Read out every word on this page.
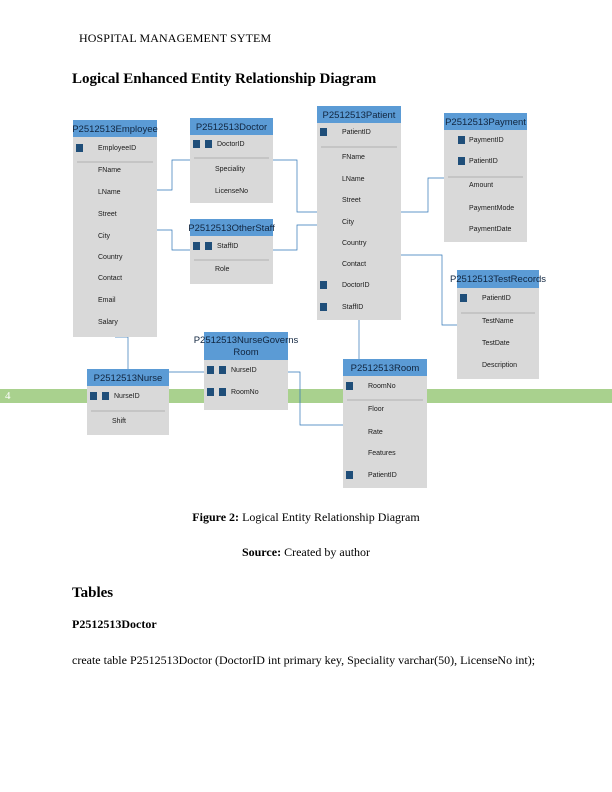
HOSPITAL MANAGEMENT SYTEM
Logical Enhanced Entity Relationship Diagram
4
P2512513Employee
EmployeeID
FName
LName
Street
City
Country
Contact
Email
Salary
P2512513Doctor
DoctorID
Speciality
LicenseNo
P2512513OtherStaff
StaffID
Role
P2512513Patient
PatientID
FName
LName
Street
City
Country
Contact
DoctorID
StaffID
P2512513Payment
PaymentID
PatientID
Amount
PaymentMode
PaymentDate
P2512513TestRecords
PatientID
TestName
TestDate
Description
P2512513NurseGoverns Room
NurseID
RoomNo
P2512513Nurse
NurseID
Shift
P2512513Room
RoomNo
Floor
Rate
Features
PatientID
Figure 2: Logical Entity Relationship Diagram
Source: Created by author
Tables
P2512513Doctor
create table P2512513Doctor (DoctorID int primary key, Speciality varchar(50), LicenseNo int);
